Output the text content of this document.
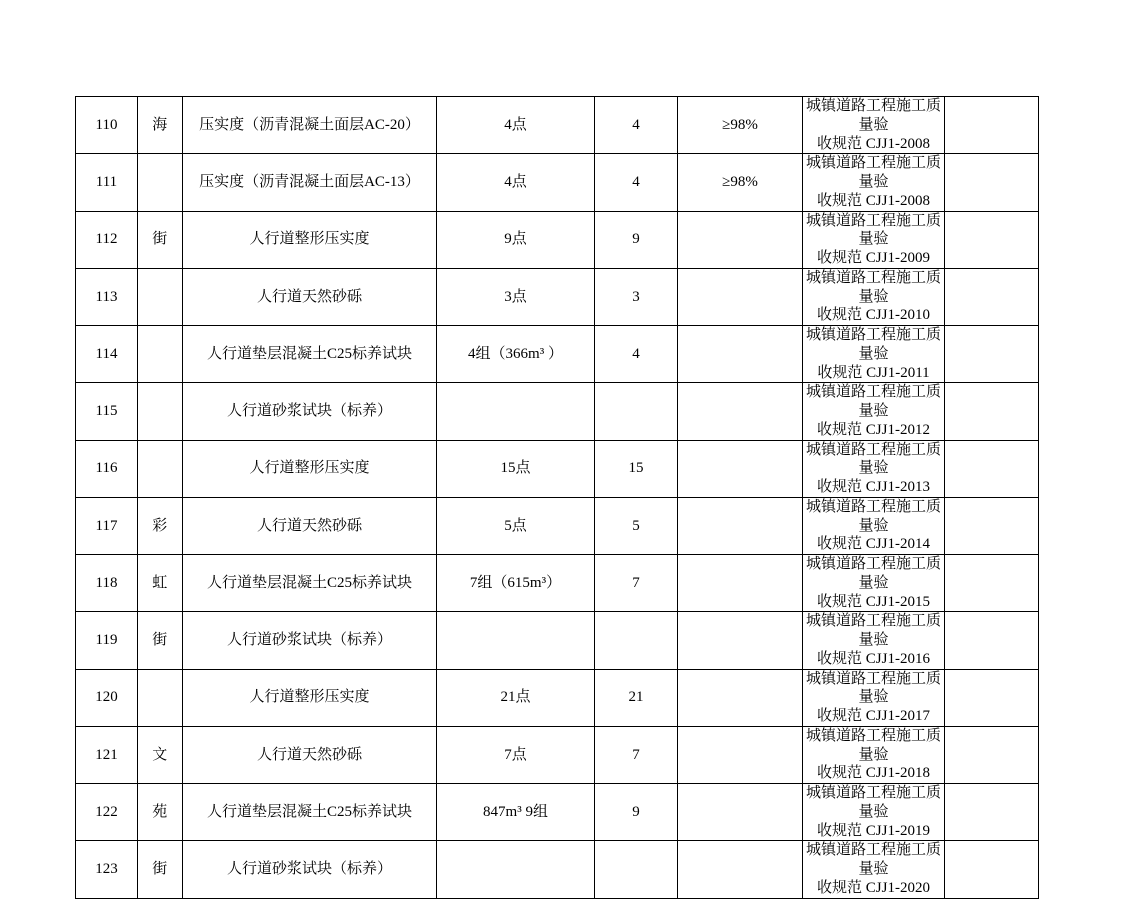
110	海	压实度（沥青混凝土面层AC-20）	4点	4	≥98%	城镇道路工程施工质量验
收规范 CJJ1-2008	

111		压实度（沥青混凝土面层AC-13）	4点	4	≥98%	城镇道路工程施工质量验
收规范 CJJ1-2008	

112	街	人行道整形压实度	9点	9		城镇道路工程施工质量验
收规范 CJJ1-2009	

113		人行道天然砂砾	3点	3		城镇道路工程施工质量验
收规范 CJJ1-2010	

114		人行道垫层混凝土C25标养试块	4组（366m³ ）	4		城镇道路工程施工质量验
收规范 CJJ1-2011	

115		人行道砂浆试块（标养）				城镇道路工程施工质量验
收规范 CJJ1-2012	

116		人行道整形压实度	15点	15		城镇道路工程施工质量验
收规范 CJJ1-2013	

117	彩	人行道天然砂砾	5点	5		城镇道路工程施工质量验
收规范 CJJ1-2014	

118	虹	人行道垫层混凝土C25标养试块	7组（615m³）	7		城镇道路工程施工质量验
收规范 CJJ1-2015	

119	街	人行道砂浆试块（标养）				城镇道路工程施工质量验
收规范 CJJ1-2016	

120		人行道整形压实度	21点	21		城镇道路工程施工质量验
收规范 CJJ1-2017	

121	文	人行道天然砂砾	7点	7		城镇道路工程施工质量验
收规范 CJJ1-2018	

122	苑	人行道垫层混凝土C25标养试块	847m³ 9组	9		城镇道路工程施工质量验
收规范 CJJ1-2019	

123	街	人行道砂浆试块（标养）				城镇道路工程施工质量验
收规范 CJJ1-2020	
